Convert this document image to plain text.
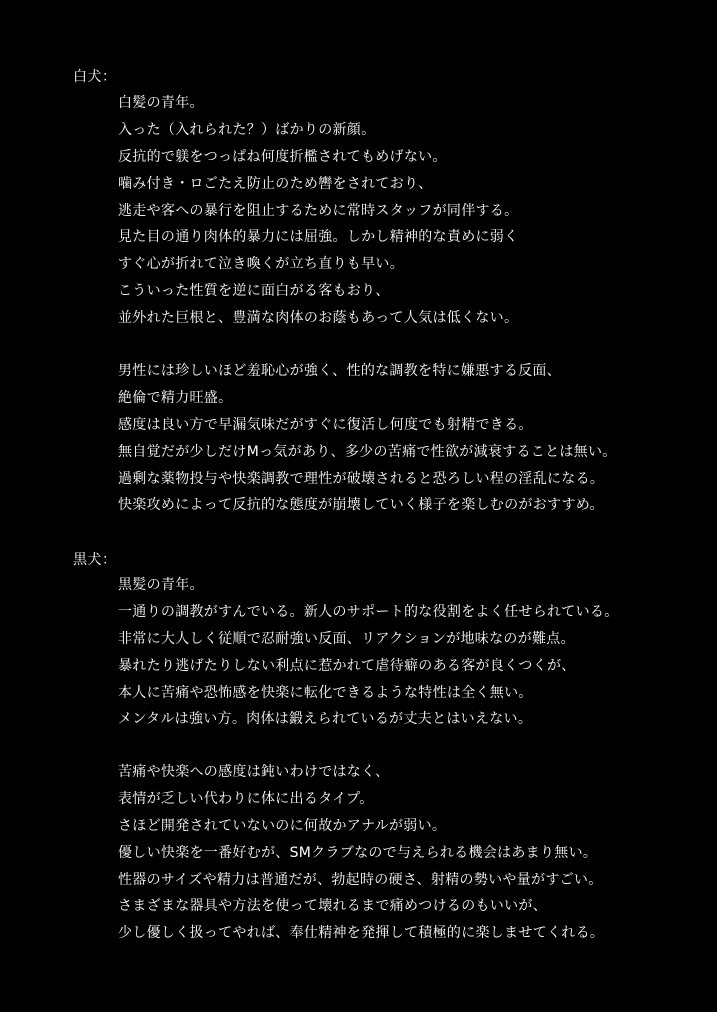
白犬：
白髪の青年。
入った（入れられた？）ばかりの新顔。
反抗的で躾をつっぱね何度折檻されてもめげない。
噛み付き・ロごたえ防止のため轡をされており、
逃走や客への暴行を阻止するために常時スタッフが同伴する。
見た目の通り肉体的暴力には屈強。しかし精神的な責めに弱く
すぐ心が折れて泣き喚くが立ち直りも早い。
こういった性質を逆に面白がる客もおり、
並外れた巨根と、豊満な肉体のお蔭もあって人気は低くない。
男性には珍しいほど羞恥心が強く、性的な調教を特に嫌悪する反面、
絶倫で精力旺盛。
感度は良い方で早漏気味だがすぐに復活し何度でも射精できる。
無自覚だが少しだけMっ気があり、多少の苦痛で性欲が減衰することは無い。
過剰な薬物投与や快楽調教で理性が破壊されると恐ろしい程の淫乱になる。
快楽攻めによって反抗的な態度が崩壊していく様子を楽しむのがおすすめ。
黒犬：
黒髪の青年。
一通りの調教がすんでいる。新人のサポート的な役割をよく任せられている。
非常に大人しく従順で忍耐強い反面、リアクションが地味なのが難点。
暴れたり逃げたりしない利点に惹かれて虐待癖のある客が良くつくが、
本人に苦痛や恐怖感を快楽に転化できるような特性は全く無い。
メンタルは強い方。肉体は鍛えられているが丈夫とはいえない。
苦痛や快楽への感度は鈍いわけではなく、
表情が乏しい代わりに体に出るタイプ。
さほど開発されていないのに何故かアナルが弱い。
優しい快楽を一番好むが、SMクラブなので与えられる機会はあまり無い。
性器のサイズや精力は普通だが、勃起時の硬さ、射精の勢いや量がすごい。
さまざまな器具や方法を使って壊れるまで痛めつけるのもいいが、
少し優しく扱ってやれば、奉仕精神を発揮して積極的に楽しませてくれる。
